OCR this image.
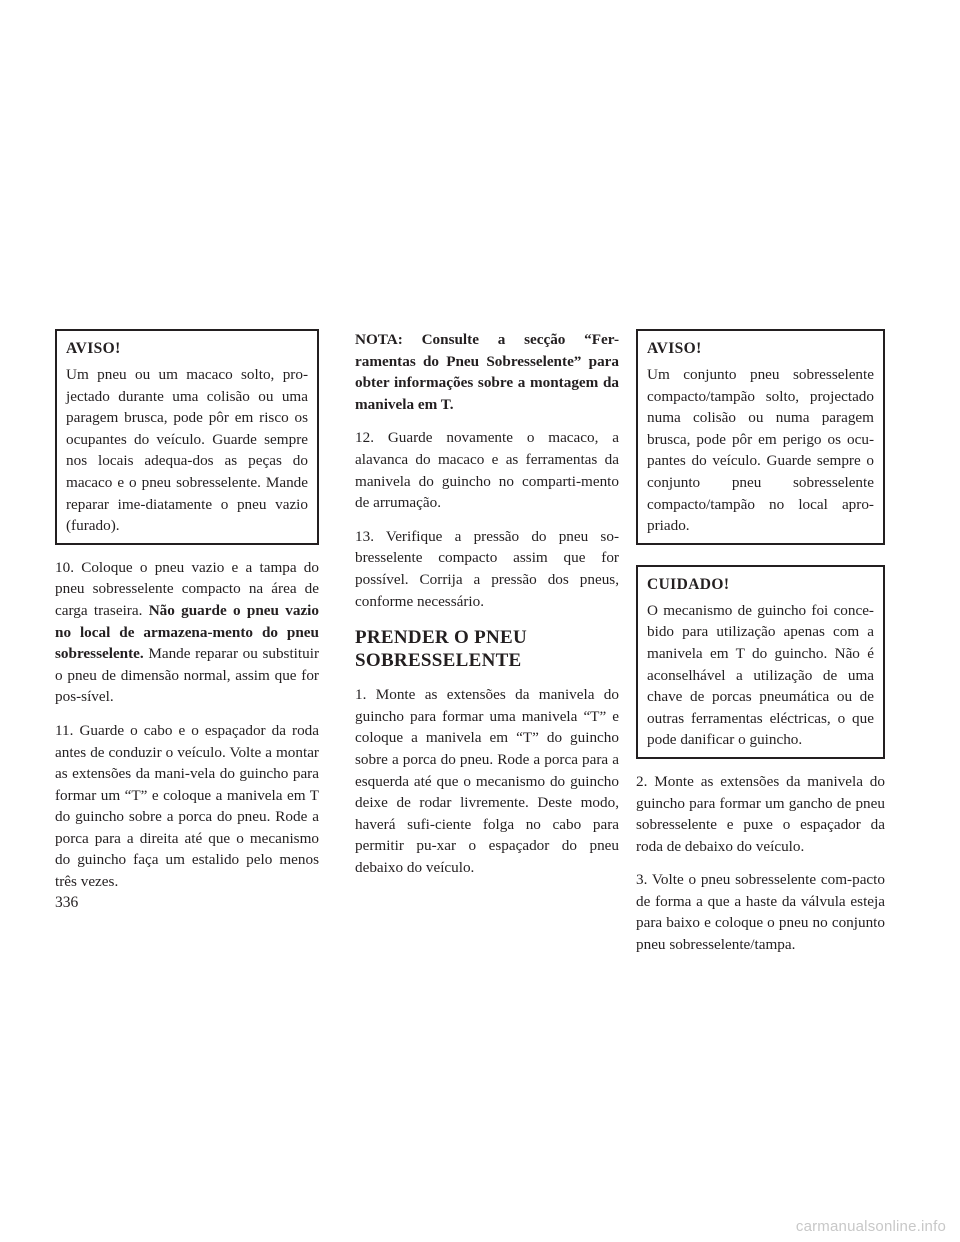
AVISO!

Um pneu ou um macaco solto, pro-jectado durante uma colisão ou uma paragem brusca, pode pôr em risco os ocupantes do veículo. Guarde sempre nos locais adequa-dos as peças do macaco e o pneu sobresselente. Mande reparar ime-diatamente o pneu vazio (furado).

10. Coloque o pneu vazio e a tampa do pneu sobresselente compacto na área de carga traseira. Não guarde o pneu vazio no local de armazena-mento do pneu sobresselente. Mande reparar ou substituir o pneu de dimensão normal, assim que for pos-sível.

11. Guarde o cabo e o espaçador da roda antes de conduzir o veículo. Volte a montar as extensões da mani-vela do guincho para formar um “T” e coloque a manivela em T do guincho sobre a porca do pneu. Rode a porca para a direita até que o mecanismo do guincho faça um estalido pelo menos três vezes.

NOTA: Consulte a secção “Fer-ramentas do Pneu Sobresselente” para obter informações sobre a montagem da manivela em T.

12. Guarde novamente o macaco, a alavanca do macaco e as ferramentas da manivela do guincho no comparti-mento de arrumação.

13. Verifique a pressão do pneu so-bresselente compacto assim que for possível. Corrija a pressão dos pneus, conforme necessário.

PRENDER O PNEU SOBRESSELENTE

1. Monte as extensões da manivela do guincho para formar uma manivela “T” e coloque a manivela em “T” do guincho sobre a porca do pneu. Rode a porca para a esquerda até que o mecanismo do guincho deixe de rodar livremente. Deste modo, haverá sufi-ciente folga no cabo para permitir pu-xar o espaçador do pneu debaixo do veículo.

AVISO!

Um conjunto pneu sobresselente compacto/tampão solto, projectado numa colisão ou numa paragem brusca, pode pôr em perigo os ocu-pantes do veículo. Guarde sempre o conjunto pneu sobresselente compacto/tampão no local apro-priado.

CUIDADO!

O mecanismo de guincho foi conce-bido para utilização apenas com a manivela em T do guincho. Não é aconselhável a utilização de uma chave de porcas pneumática ou de outras ferramentas eléctricas, o que pode danificar o guincho.

2. Monte as extensões da manivela do guincho para formar um gancho de pneu sobresselente e puxe o espaçador da roda de debaixo do veículo.

3. Volte o pneu sobresselente com-pacto de forma a que a haste da válvula esteja para baixo e coloque o pneu no conjunto pneu sobresselente/tampa.

336
carmanualsonline.info
